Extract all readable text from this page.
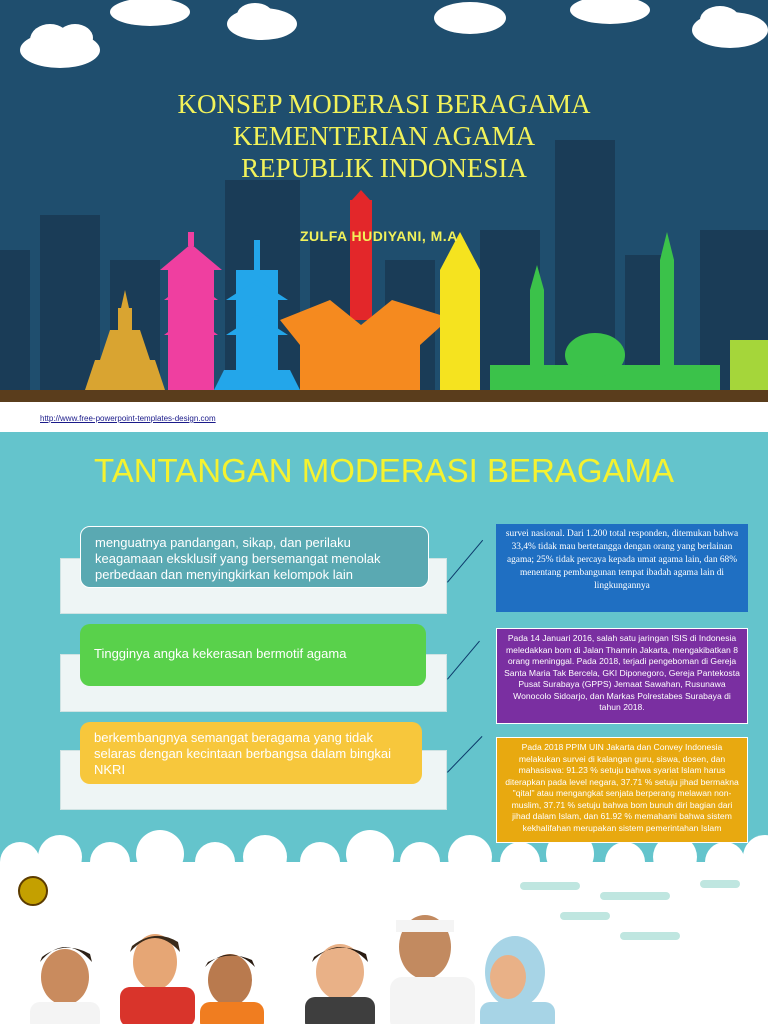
KONSEP MODERASI BERAGAMA
KEMENTERIAN AGAMA
REPUBLIK INDONESIA
ZULFA HUDIYANI, M.A
http://www.free-powerpoint-templates-design.com
TANTANGAN MODERASI BERAGAMA
menguatnya pandangan, sikap, dan perilaku keagamaan eksklusif yang bersemangat menolak perbedaan dan menyingkirkan kelompok lain
Tingginya angka kekerasan bermotif agama
berkembangnya semangat beragama yang tidak selaras dengan kecintaan berbangsa dalam bingkai NKRI
survei nasional. Dari 1.200 total responden, ditemukan bahwa 33,4% tidak mau bertetangga dengan orang yang berlainan agama; 25% tidak percaya kepada umat agama lain, dan 68% menentang pembangunan tempat ibadah agama lain di lingkungannya
Pada 14 Januari 2016, salah satu jaringan ISIS di Indonesia meledakkan bom di Jalan Thamrin Jakarta, mengakibatkan 8 orang meninggal. Pada 2018, terjadi pengeboman di Gereja Santa Maria Tak Bercela, GKI Diponegoro, Gereja Pantekosta Pusat Surabaya (GPPS) Jemaat Sawahan, Rusunawa Wonocolo Sidoarjo, dan Markas Polrestabes Surabaya di tahun 2018.
Pada 2018 PPIM UIN Jakarta dan Convey Indonesia melakukan survei di kalangan guru, siswa, dosen, dan mahasiswa: 91.23 % setuju bahwa syariat Islam harus diterapkan pada level negara, 37.71 % setuju jihad bermakna "qital" atau mengangkat senjata berperang melawan non-muslim, 37.71 % setuju bahwa bom bunuh diri bagian dari jihad dalam Islam, dan 61.92 % memahami bahwa sistem kekhalifahan merupakan sistem pemerintahan Islam
